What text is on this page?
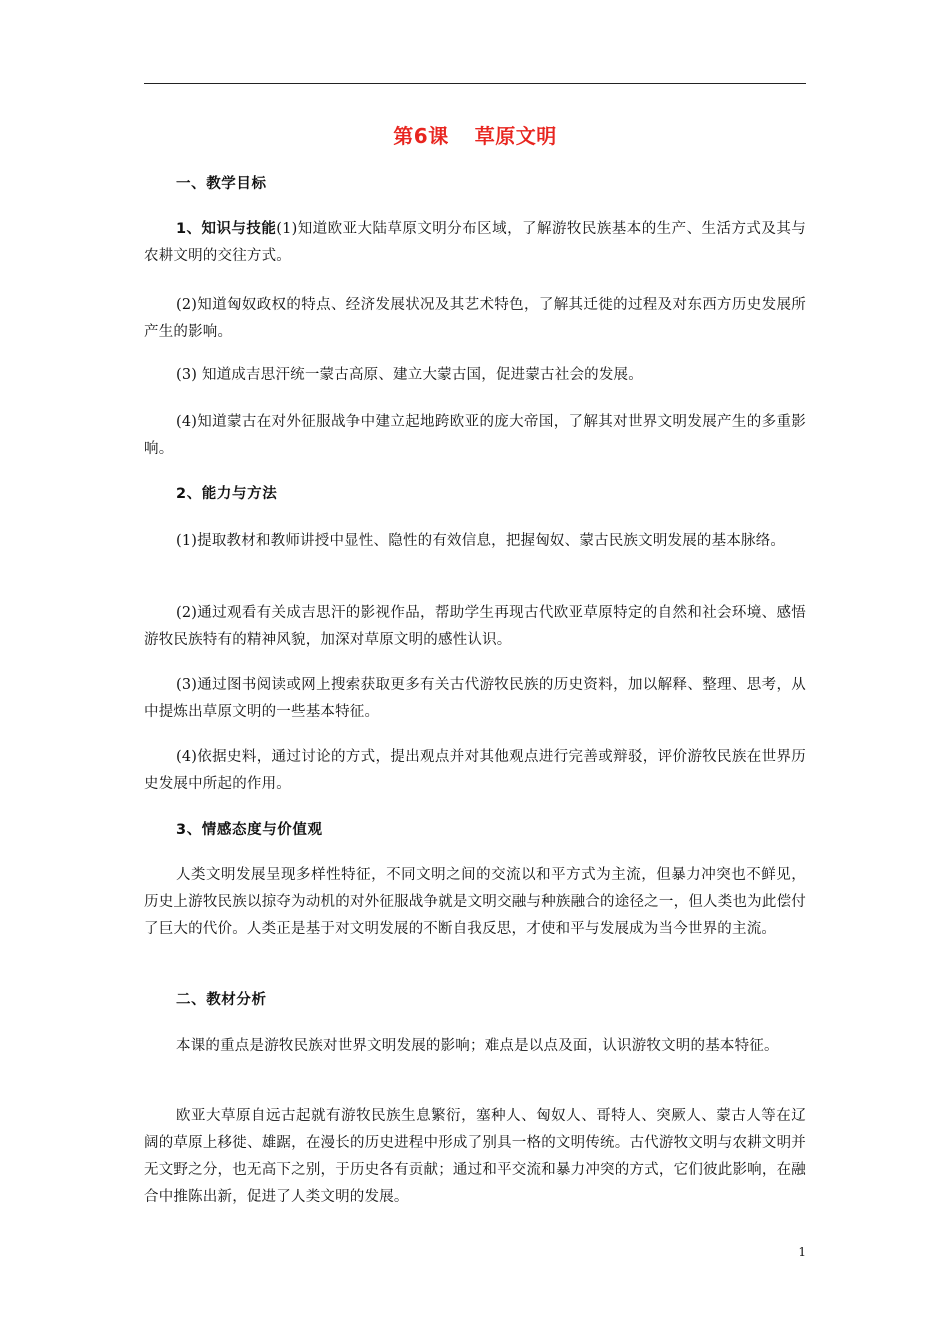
第6课 草原文明
一、教学目标
1、知识与技能(1)知道欧亚大陆草原文明分布区域，了解游牧民族基本的生产、生活方式及其与农耕文明的交往方式。
(2)知道匈奴政权的特点、经济发展状况及其艺术特色，了解其迁徙的过程及对东西方历史发展所产生的影响。
(3) 知道成吉思汗统一蒙古高原、建立大蒙古国，促进蒙古社会的发展。
(4)知道蒙古在对外征服战争中建立起地跨欧亚的庞大帝国，了解其对世界文明发展产生的多重影响。
2、能力与方法
(1)提取教材和教师讲授中显性、隐性的有效信息，把握匈奴、蒙古民族文明发展的基本脉络。
(2)通过观看有关成吉思汗的影视作品，帮助学生再现古代欧亚草原特定的自然和社会环境、感悟游牧民族特有的精神风貌，加深对草原文明的感性认识。
(3)通过图书阅读或网上搜索获取更多有关古代游牧民族的历史资料，加以解释、整理、思考，从中提炼出草原文明的一些基本特征。
(4)依据史料，通过讨论的方式，提出观点并对其他观点进行完善或辩驳，评价游牧民族在世界历史发展中所起的作用。
3、情感态度与价值观
人类文明发展呈现多样性特征，不同文明之间的交流以和平方式为主流，但暴力冲突也不鲜见，历史上游牧民族以掠夺为动机的对外征服战争就是文明交融与种族融合的途径之一，但人类也为此偿付了巨大的代价。人类正是基于对文明发展的不断自我反思，才使和平与发展成为当今世界的主流。
二、教材分析
本课的重点是游牧民族对世界文明发展的影响；难点是以点及面，认识游牧文明的基本特征。
欧亚大草原自远古起就有游牧民族生息繁衍，塞种人、匈奴人、哥特人、突厥人、蒙古人等在辽阔的草原上移徙、雄踞，在漫长的历史进程中形成了别具一格的文明传统。古代游牧文明与农耕文明并无文野之分，也无高下之别，于历史各有贡献；通过和平交流和暴力冲突的方式，它们彼此影响，在融合中推陈出新，促进了人类文明的发展。
1
